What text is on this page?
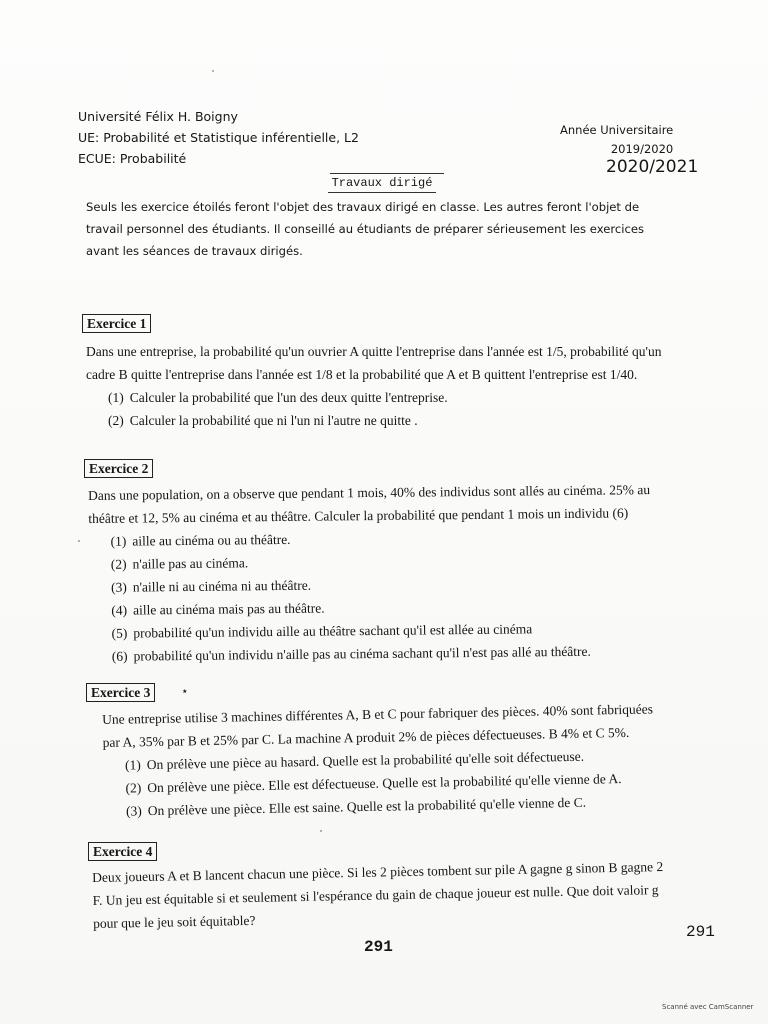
Université Félix H. Boigny
UE: Probabilité et Statistique inférentielle, L2
ECUE: Probabilité
Année Universitaire
2019/2020
2020/2021
Travaux dirigé
Seuls les exercice étoilés feront l'objet des travaux dirigé en classe. Les autres feront l'objet de travail personnel des étudiants. Il conseillé au étudiants de préparer sérieusement les exercices avant les séances de travaux dirigés.
Exercice 1

Dans une entreprise, la probabilité qu'un ouvrier A quitte l'entreprise dans l'année est 1/5, probabilité qu'un cadre B quitte l'entreprise dans l'année est 1/8 et la probabilité que A et B quittent l'entreprise est 1/40.

(1) Calculer la probabilité que l'un des deux quitte l'entreprise.
(2) Calculer la probabilité que ni l'un ni l'autre ne quitte .
Exercice 2

Dans une population, on a observe que pendant 1 mois, 40% des individus sont allés au cinéma. 25% au théâtre et 12, 5% au cinéma et au théâtre. Calculer la probabilité que pendant 1 mois un individu (6)

(1) aille au cinéma ou au théâtre.
(2) n'aille pas au cinéma.
(3) n'aille ni au cinéma ni au théâtre.
(4) aille au cinéma mais pas au théâtre.
(5) probabilité qu'un individu aille au théâtre sachant qu'il est allée au cinéma
(6) probabilité qu'un individu n'aille pas au cinéma sachant qu'il n'est pas allé au théâtre.
Exercice 3	⋆

Une entreprise utilise 3 machines différentes A, B et C pour fabriquer des pièces. 40% sont fabriquées par A, 35% par B et 25% par C. La machine A produit 2% de pièces défectueuses. B 4% et C 5%.

(1) On prélève une pièce au hasard. Quelle est la probabilité qu'elle soit défectueuse.
(2) On prélève une pièce. Elle est défectueuse. Quelle est la probabilité qu'elle vienne de A.
(3) On prélève une pièce. Elle est saine. Quelle est la probabilité qu'elle vienne de C.
Exercice 4

Deux joueurs A et B lancent chacun une pièce. Si les 2 pièces tombent sur pile A gagne g sinon B gagne 2 F. Un jeu est équitable si et seulement si l'espérance du gain de chaque joueur est nulle. Que doit valoir g pour que le jeu soit équitable?

291
291
Scanné avec CamScanner
